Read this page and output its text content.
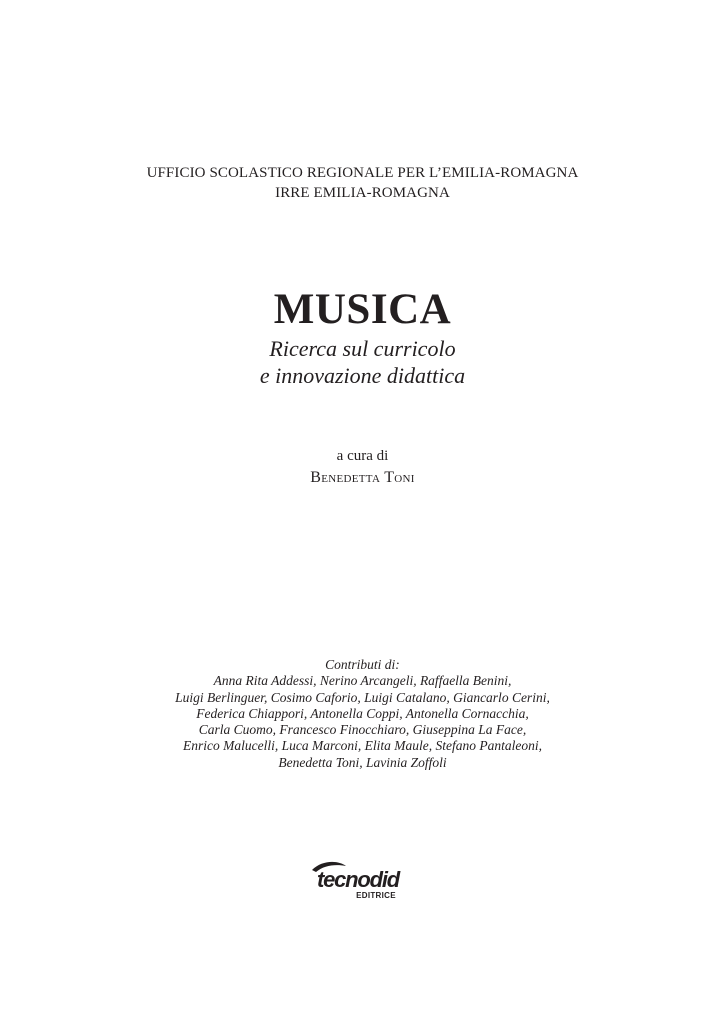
UFFICIO SCOLASTICO REGIONALE PER L’EMILIA-ROMAGNA
IRRE EMILIA-ROMAGNA
MUSICA
Ricerca sul curricolo
e innovazione didattica
a cura di
Benedetta Toni
Contributi di:
Anna Rita Addessi, Nerino Arcangeli, Raffaella Benini,
Luigi Berlinguer, Cosimo Caforio, Luigi Catalano, Giancarlo Cerini,
Federica Chiappori, Antonella Coppi, Antonella Cornacchia,
Carla Cuomo, Francesco Finocchiaro, Giuseppina La Face,
Enrico Malucelli, Luca Marconi, Elita Maule, Stefano Pantaleoni,
Benedetta Toni, Lavinia Zoffoli
tecnodid
EDITRICE
